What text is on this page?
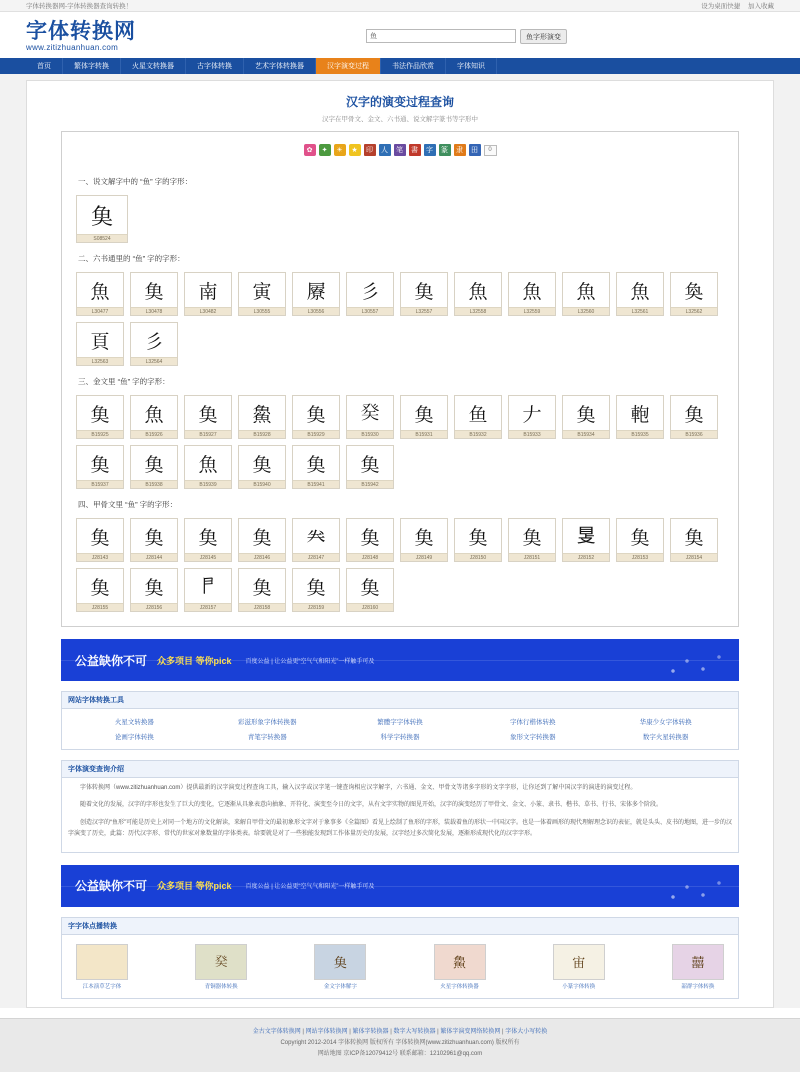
字体转换器网-字体转换器查询转换！	设为桌面快捷 加入收藏
字体转换网
www.zitizhuanhuan.com
鱼
鱼字形演变
首页	繁体字转换	火星文转换器	古字体转换	艺术字体转换器	汉字演变过程	书法作品欣赏	字体知识
汉字的演变过程查询
汉字在甲骨文、金文、六书通、说文解字篆书等字形中
✿	✦	☀	★	印	人	笔	書	字	篆	隶	田	0
一、说文解字中的 “鱼” 字的字形：
𩵋
S08524
二、六书通里的 “鱼” 字的字形：
魚
L30477
𩵋
L30478
南
L30482
寅
L30555
屪
L30556
彡
L30557
𩵋
L32557
魚
L32558
魚
L32559
魚
L32560
魚
L32561
奐
L32562
頁
L32563
彡
L32564
三、金文里 “鱼” 字的字形：
𩵋
B15925
魚
B15926
𩵋
B15927
𩺰
B15928
𩵋
B15929
𤼩
B15930
𩵋
B15931
鱼
B15932
𠂇
B15933
𩵋
B15934
軳
B15935
𩵋
B15936
𩵋
B15937
𩵋
B15938
魚
B15939
𩵋
B15940
𩵋
B15941
𩵋
B15942
四、甲骨文里 “鱼” 字的字形：
𩵋
J28143
𩵋
J28144
𩵋
J28145
𩵋
J28146
𠔉
J28147
𩵋
J28148
𩵋
J28149
𩵋
J28150
𩵋
J28151
𥄎
J28152
𩵋
J28153
𩵋
J28154
𩵋
J28155
𩵋
J28156
𠁣
J28157
𩵋
J28158
𩵋
J28159
𩵋
J28160
公益缺你不可 众多项目 等你pick 百度公益 | 让公益更“空气气和阳光”一样触手可及
网站字体转换工具
火星文转换器	彩滋形象字体转换器	繁體字字体转换	字体行楷体转换	华康少女字体转换
论画字体转换	青笔字转换器	科学字转换器	象形文字转换器	数字火星转换器
字体演变查询介绍

字体转换网（www.zitizhuanhuan.com）提供最新的汉字演变过程查询工具，输入汉字或汉字笔一键查询相应汉字解字，六书通、金文、甲骨文等诸多字形的文字字形，让你还到了解中国汉字的演进的演变过程。

随着文化的发展，汉字的字形也发生了巨大的变化，它逐渐从具象表意向抽象、开符化、演变至今日的文字，从有文字实物的图见开始，汉字的演变经历了甲骨文、金文、小篆、隶书、楷书、草书、行书、宋体多个阶段。

创造汉字的“鱼形”可能是历史上对同一个地方的文化解读，来解自甲骨文的最初象形文字对于象事多《全篇图》看见上绘制了鱼形的字形，装载着鱼的形状一中国汉字。也是一体着画形的现代理解理念识的表征，就是头头、皮书的地图，进一步的汉字演变了历史，此篇：历代汉字形、常代的世家对象数量的字体类表。给要就是对了一些独能发现到工作体量历史的发展，汉字经过多次简化发展，逐渐形成现代化的汉字字形。

公益缺你不可 众多项目 等你pick 百度公益 | 让公益更“空气气和阳光”一样触手可及
字字体点播转换
𦲳
江本演草艺字体
𤼩
青铜器体转换
𩵋
金文字体解字
𩺰
火星字体转换器
宙
小篆字体转换
囍
韶群字体转换
金古文字体转换网 | 网站字体转换网 | 繁体字转换器 | 数字大写转换器 | 繁体字演变网络转换网 | 字体大小写转换
Copyright 2012-2014 字体转换网 版权所有 字体转换网(www.zitizhuanhuan.com) 版权所有
网站地图 京ICP备12079412号 联系邮箱：12102961@qq.com
